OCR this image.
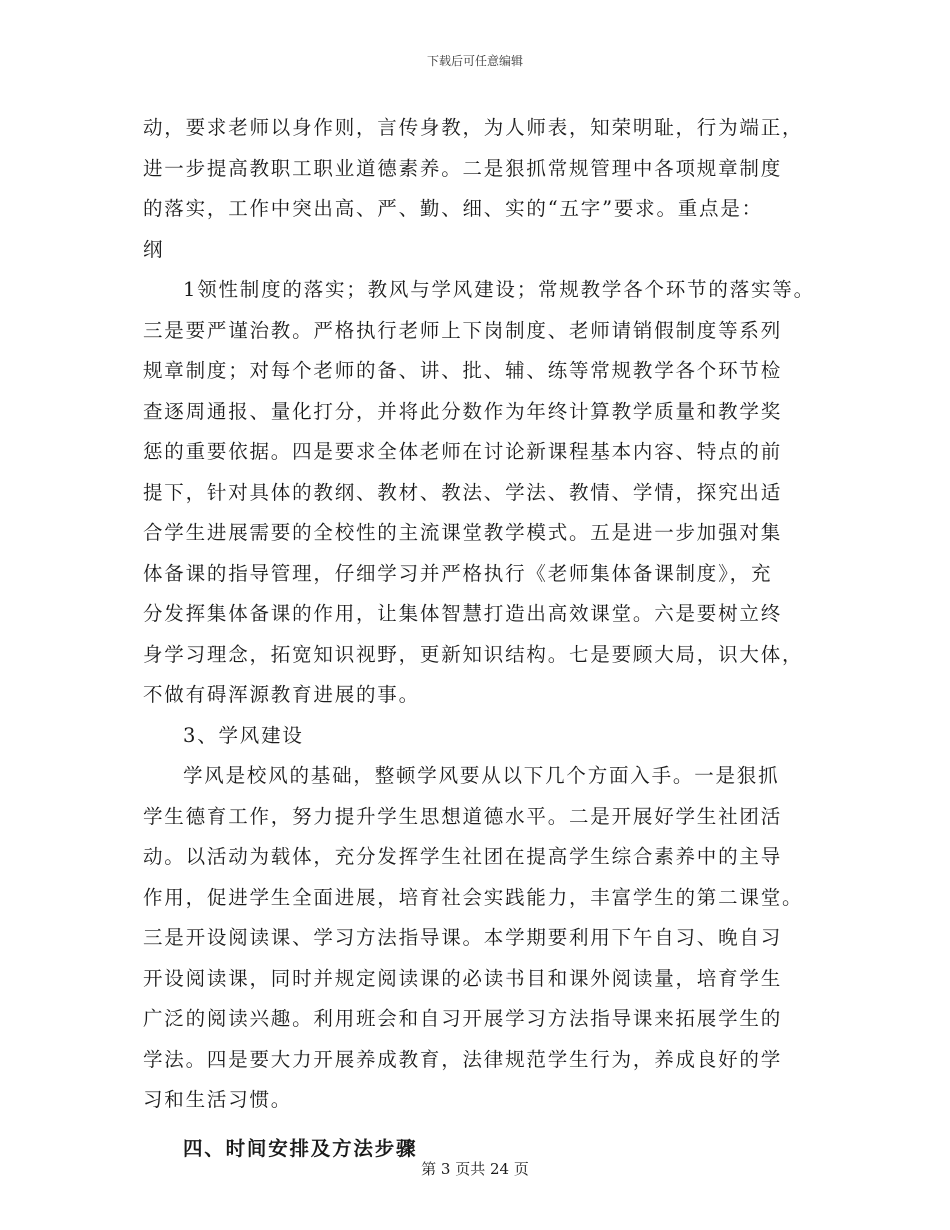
下载后可任意编辑
动，要求老师以身作则，言传身教，为人师表，知荣明耻，行为端正，
进一步提高教职工职业道德素养。二是狠抓常规管理中各项规章制度
的落实，工作中突出高、严、勤、细、实的“五字”要求。重点是：
纲
1领性制度的落实；教风与学风建设；常规教学各个环节的落实等。
三是要严谨治教。严格执行老师上下岗制度、老师请销假制度等系列
规章制度；对每个老师的备、讲、批、辅、练等常规教学各个环节检
查逐周通报、量化打分，并将此分数作为年终计算教学质量和教学奖
惩的重要依据。四是要求全体老师在讨论新课程基本内容、特点的前
提下，针对具体的教纲、教材、教法、学法、教情、学情，探究出适
合学生进展需要的全校性的主流课堂教学模式。五是进一步加强对集
体备课的指导管理，仔细学习并严格执行《老师集体备课制度》，充
分发挥集体备课的作用，让集体智慧打造出高效课堂。六是要树立终
身学习理念，拓宽知识视野，更新知识结构。七是要顾大局，识大体，
不做有碍浑源教育进展的事。
3、学风建设
学风是校风的基础，整顿学风要从以下几个方面入手。一是狠抓
学生德育工作，努力提升学生思想道德水平。二是开展好学生社团活
动。以活动为载体，充分发挥学生社团在提高学生综合素养中的主导
作用，促进学生全面进展，培育社会实践能力，丰富学生的第二课堂。
三是开设阅读课、学习方法指导课。本学期要利用下午自习、晚自习
开设阅读课，同时并规定阅读课的必读书目和课外阅读量，培育学生
广泛的阅读兴趣。利用班会和自习开展学习方法指导课来拓展学生的
学法。四是要大力开展养成教育，法律规范学生行为，养成良好的学
习和生活习惯。
四、时间安排及方法步骤
第 3 页共 24 页
